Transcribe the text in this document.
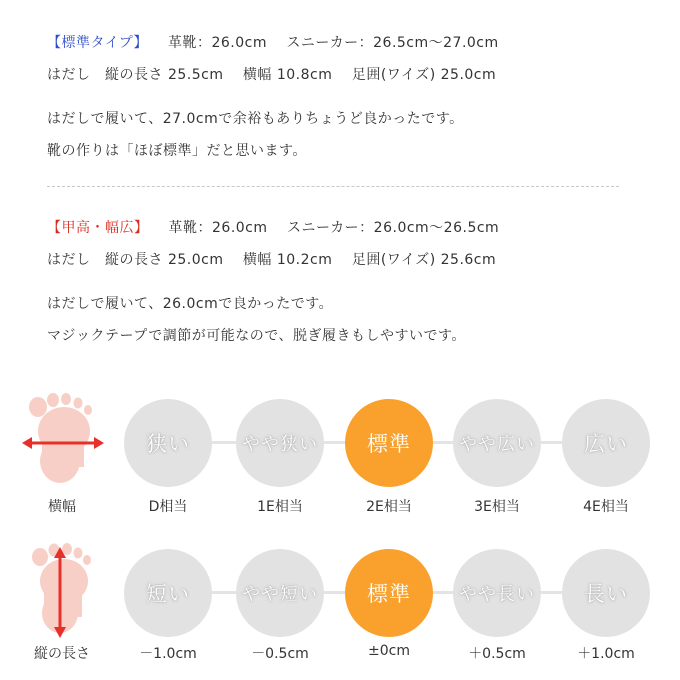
【標準タイプ】 革靴：26.0cm　 スニーカー：26.5cm～27.0cm
はだし　縦の長さ 25.5cm　 横幅 10.8cm　 足囲(ワイズ) 25.0cm
はだしで履いて、27.0cmで余裕もありちょうど良かったです。
靴の作りは「ほぼ標準」だと思います。
【甲高・幅広】 革靴：26.0cm　 スニーカー：26.0cm～26.5cm
はだし　縦の長さ 25.0cm　 横幅 10.2cm　 足囲(ワイズ) 25.6cm
はだしで履いて、26.0cmで良かったです。
マジックテープで調節が可能なので、脱ぎ履きもしやすいです。
横幅
狭い	やや狭い	標準	やや広い	広い
D相当	1E相当	2E相当	3E相当	4E相当
縦の長さ
短い	やや短い	標準	やや長い	長い
－1.0cm	－0.5cm	±0cm	＋0.5cm	＋1.0cm
